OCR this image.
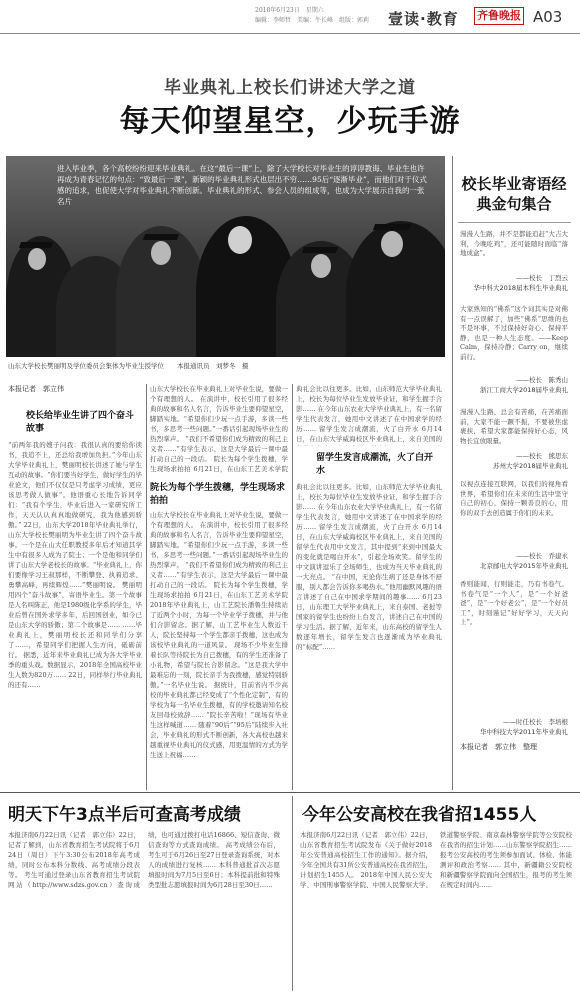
2018年6月23日　星期六
编辑：李师哲　美编：牛长峰　组版：郭莉 壹读·教育 齐鲁晚报 A03
毕业典礼上校长们讲述大学之道
每天仰望星空，少玩手游
进入毕业季，各个高校纷纷迎来毕业典礼。在这“最后一课”上，除了大学校长对毕业生的谆谆教诲、毕业生也许再成为青春记忆的句点：“致最后一课”，新颖的毕业典礼形式也层出不穷……95后“逐渐毕业”，而他们对于仪式感的追求，也促使大学对毕业典礼不断创新。毕业典礼的形式、参会人员的组成等，也成为大学展示自我的一张名片
山东大学校长樊丽明及学位委员会集体为毕业生授学位　　本报通讯员　刘梦冬　摄
本报记者　郭立伟
校长给毕业生讲了四个奋斗故事
“前两年我的嫂子问我：我很认真的要给你读书，我追不上，还总给我增加负担。”今年山东大学毕业典礼上，樊丽明校长讲述了她与学生互动的故事。“你们要当好学生，做好学生的毕业论文，他们不仅仅是只考虑学习成绩，更应该思考做人做事”。他语重心长地告诉同学们：“我有个学生，毕业后进入一家研究所工作，天天认认真真地做研究，我为他感到骄傲。” 22日，山东大学2018年毕业典礼举行，山东大学校长樊丽明为毕业生讲了四个奋斗故事。一个是在山大任职教授多年后才知道其学生中有很多人成为了院士；一个是他和同学们讲了山东大学老校长的故事。“毕业典礼上，你们要像学习王叔那样，不断攀登、执着追求、勇攀高峰，再续辉煌……”樊丽明说。 樊丽明用四个“奋斗故事”，寄语毕业生。第一个故事是人名叫陈正，他是1980级化学系的学生，毕业后曾在国外求学多年，后回国创业，如今已是山东大学的骄傲；第二个故事是…… ……毕业典礼上，樊丽明校长还和同学们分享了……，希望同学们把握人生方向，砥砺前行。 据悉，近年来毕业典礼已成为各大学毕业季的重头戏。数据显示，2018年全国高校毕业生人数为820万…… 22日，同样举行毕业典礼的还有……
山东大学校长在毕业典礼上对毕业生说，要做一个有理想的人。 在演讲中，校长引用了很多经典的故事和名人名言，告诉毕业生要仰望星空，脚踏实地。“希望你们少玩一点手游，多读一些书，多思考一些问题。”一番话引起现场毕业生的热烈掌声。 “我们不希望你们成为精致的利己主义者……”有学生表示，这是大学最后一课中最打动自己的一段话。 院长为每个学生拨穗，学生现场求拍拍 6月21日，在山东工艺美术学院
院长为每个学生拨穗，学生现场求拍拍
山东大学校长在毕业典礼上对毕业生说，要做一个有理想的人。 在演讲中，校长引用了很多经典的故事和名人名言，告诉毕业生要仰望星空，脚踏实地。“希望你们少玩一点手游，多读一些书，多思考一些问题。”一番话引起现场毕业生的热烈掌声。 “我们不希望你们成为精致的利己主义者……”有学生表示，这是大学最后一课中最打动自己的一段话。 院长为每个学生拨穗，学生现场求拍拍 6月21日，在山东工艺美术学院2018年毕业典礼上，山工艺院长潘鲁生持续站了近两个小时，为每一个毕业学子拨穗，并与他们合影留念。据了解，山工艺毕业生人数近千人，院长坚持每一个学生都亲手拨穗，这也成为该校毕业典礼的一道风景。 现场不少毕业生排着长队等待院长为自己拨穗，有的学生还准备了小礼物，希望与院长合影留念。“这是我大学中最难忘的一刻，院长亲手为我拨穗，感觉特别骄傲。”一名毕业生说。 据统计，目前省内不少高校的毕业典礼都已经变成了“个性化定制”，有的学校为每一名毕业生拨穗，有的学校邀请知名校友回母校致辞…… “院长辛苦啦！”现场有毕业生这样喊道…… 随着“90后”“95后”陆续步入社会，毕业典礼的形式不断创新，各大高校也越来越重视毕业典礼的仪式感，用更温情的方式为学生送上祝福……
典礼会比以往更多。比如，山东师范大学毕业典礼上，校长为每位毕业生发放毕业证，和学生握手合影…… 在今年山东农业大学毕业典礼上，有一名留学生代表发言，她用中文讲述了在中国求学的经历…… 留学生发言成潮流，火了白开水 6月14日，在山东大学威海校区毕业典礼上，来自美国的
留学生发言成潮流，火了白开水
典礼会比以往更多。比如，山东师范大学毕业典礼上，校长为每位毕业生发放毕业证，和学生握手合影…… 在今年山东农业大学毕业典礼上，有一名留学生代表发言，她用中文讲述了在中国求学的经历…… 留学生发言成潮流，火了白开水 6月14日，在山东大学威海校区毕业典礼上，来自美国的留学生代表用中文发言，其中提到“来到中国最大的变化就是喝白开水”，引起全场欢笑。留学生的中文演讲逗乐了全场师生，也成为当天毕业典礼的一大亮点。 “在中国，无论你生病了还是身体不舒服，别人都会告诉你多喝热水。”他用幽默风趣的语言讲述了自己在中国求学期间的趣事…… 6月23日，山东理工大学毕业典礼上，来自泰国、老挝等国家的留学生也纷纷上台发言，讲述自己在中国的学习生活。据了解，近年来，山东高校的留学生人数逐年增长，留学生发言也逐渐成为毕业典礼的“标配”……
校长毕业寄语经典金句集合
漫漫人生路，并不是都能追赶“大吉大利，今晚吃鸡”，还可能随时面临“落地成盒”。
——校长　丁烈云
华中科大2018届本科生毕业典礼
大家熟知的“佛系”这个词其实是对佛有一点误解了，加些“佛系”思维的也不是坏事，不过保持好奇心、保持平静，也是一种人生态度。——Keep Calm，保持冷静；Carry on，继续前行。
——校长　陈秀山
浙江工商大学2018届毕业典礼
漫漫人生路，总会有苦痛，在苦痛面前，大家不能一蹶不振，不要被焦虑裹挟，希望大家都能保持好心态，风物长宜放眼量。
——校长　熊思东
苏州大学2018届毕业典礼
以视点连接互联网，以我们的视角看世界，希望你们在未来的生活中坚守自己的初心，保持一颗善良的心，用你的双手去创造属于你们的未来。
——校长　乔建永
北京邮电大学2015年毕业典礼
香则能闻，行则能走，乃有书卷气。书卷气是“一个人”，是“一个好爸爸”，是“一个好老公”，是“一个好员工”，时刻谨记“好好学习，天天向上”。
——时任校长　李培根
华中科技大学2011年毕业典礼
本报记者　郭立伟　整理
明天下午3点半后可查高考成绩
本报济南6月22日讯（记者　郭立伟）22日，记者了解到，山东省教育招生考试院将于6月24日（周日）下午3:30公布2018年高考成绩，同时公布本科分数线、高考成绩分段表等。 考生可通过登录山东省教育招生考试院网站（http://www.sdzs.gov.cn）查询成绩，也可通过拨打电话16866、短信查询、微信查询等方式查询成绩。 高考成绩公布后，考生可于6月26日至27日登录查询系统，对本人的成绩进行复核…… 本科普通批首次志愿填报时间为7月5日至6日；本科提前批和特殊类型批志愿填报时间为6月28日至30日……
今年公安高校在我省招1455人
本报济南6月22日讯（记者　郭立伟）22日，山东省教育招生考试院发布《关于做好2018年公安普通高校招生工作的通知》。据介绍，今年全国共有31所公安普通高校在我省招生，计划招生1455人。 2018年中国人民公安大学、中国刑事警察学院、中国人民警察大学、铁道警察学院、南京森林警察学院等公安院校在我省的招生计划……山东警察学院招生…… 报考公安高校的考生须参加面试、体检、体能测评和政治考察…… 其中，新疆籍公安院校和新疆警察学院面向全国招生，报考的考生须在规定时间内……
